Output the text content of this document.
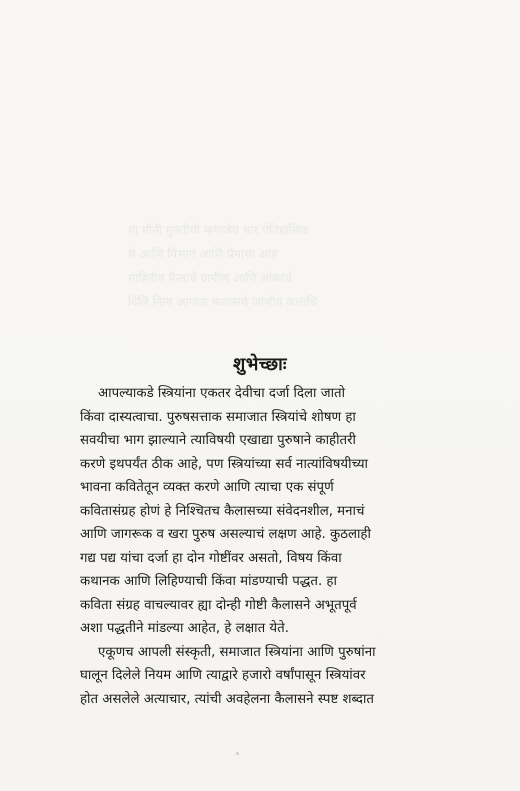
या मौनी मुक्तीची म्हणजेच चार ऐतिहासिक
चे आणि विभाग आणि प्रेमाचा आह
माहितीय फैलाचे ग्रामीण आणि लोकांचे
दिलि नित्य आगाऊ कलासचे जाणीव कलाचि
शुभेच्छाः
आपल्याकडे स्त्रियांना एकतर देवीचा दर्जा दिला जातो
किंवा दास्यत्वाचा. पुरुषसत्ताक समाजात स्त्रियांचे शोषण हा
सवयीचा भाग झाल्याने त्याविषयी एखाद्या पुरुषाने काहीतरी
करणे इथपर्यंत ठीक आहे, पण स्त्रियांच्या सर्व नात्यांविषयीच्या
भावना कवितेतून व्यक्त करणे आणि त्याचा एक संपूर्ण
कवितासंग्रह होणं हे निश्चितच कैलासच्या संवेदनशील, मनाचं
आणि जागरूक व खरा पुरुष असल्याचं लक्षण आहे. कुठलाही
गद्य पद्य यांचा दर्जा हा दोन गोष्टींवर असतो, विषय किंवा
कथानक आणि लिहिण्याची किंवा मांडण्याची पद्धत. हा
कविता संग्रह वाचल्यावर ह्या दोन्ही गोष्टी कैलासने अभूतपूर्व
अशा पद्धतीने मांडल्या आहेत, हे लक्षात येते.
एकूणच आपली संस्कृती, समाजात स्त्रियांना आणि पुरुषांना
घालून दिलेले नियम आणि त्याद्वारे हजारो वर्षांपासून स्त्रियांवर
होत असलेले अत्याचार, त्यांची अवहेलना कैलासने स्पष्ट शब्दात
